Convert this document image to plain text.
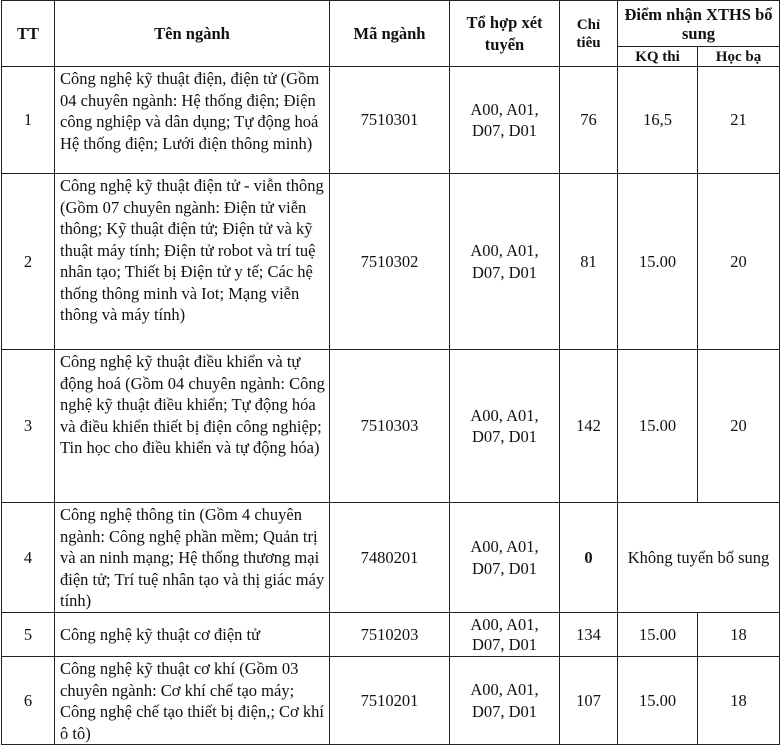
TT	Tên ngành	Mã ngành	Tổ hợp xét tuyển	Chỉ tiêu	Điểm nhận XTHS bổ sung	
					KQ thi	Học bạ
1	Công nghệ kỹ thuật điện, điện tử (Gồm 04 chuyên ngành: Hệ thống điện; Điện công nghiệp và dân dụng; Tự động hoá Hệ thống điện; Lưới điện thông minh)	7510301	A00, A01, D07, D01	76	16,5	21
2	Công nghệ kỹ thuật điện tử - viễn thông (Gồm 07 chuyên ngành: Điện tử viễn thông; Kỹ thuật điện tử; Điện tử và kỹ thuật máy tính; Điện tử robot và trí tuệ nhân tạo; Thiết bị Điện tử y tế; Các hệ thống thông minh và Iot; Mạng viễn thông và máy tính)	7510302	A00, A01, D07, D01	81	15.00	20
3	Công nghệ kỹ thuật điều khiển và tự động hoá (Gồm 04 chuyên ngành: Công nghệ kỹ thuật điều khiển; Tự động hóa và điều khiển thiết bị điện công nghiệp; Tin học cho điều khiển và tự động hóa)	7510303	A00, A01, D07, D01	142	15.00	20
4	Công nghệ thông tin (Gồm 4 chuyên ngành: Công nghệ phần mềm; Quản trị và an ninh mạng; Hệ thống thương mại điện tử; Trí tuệ nhân tạo và thị giác máy tính)	7480201	A00, A01, D07, D01	0	Không tuyển bổ sung	
5	Công nghệ kỹ thuật cơ điện tử	7510203	A00, A01, D07, D01	134	15.00	18
6	Công nghệ kỹ thuật cơ khí (Gồm 03 chuyên ngành: Cơ khí chế tạo máy; Công nghệ chế tạo thiết bị điện,; Cơ khí ô tô)	7510201	A00, A01, D07, D01	107	15.00	18
